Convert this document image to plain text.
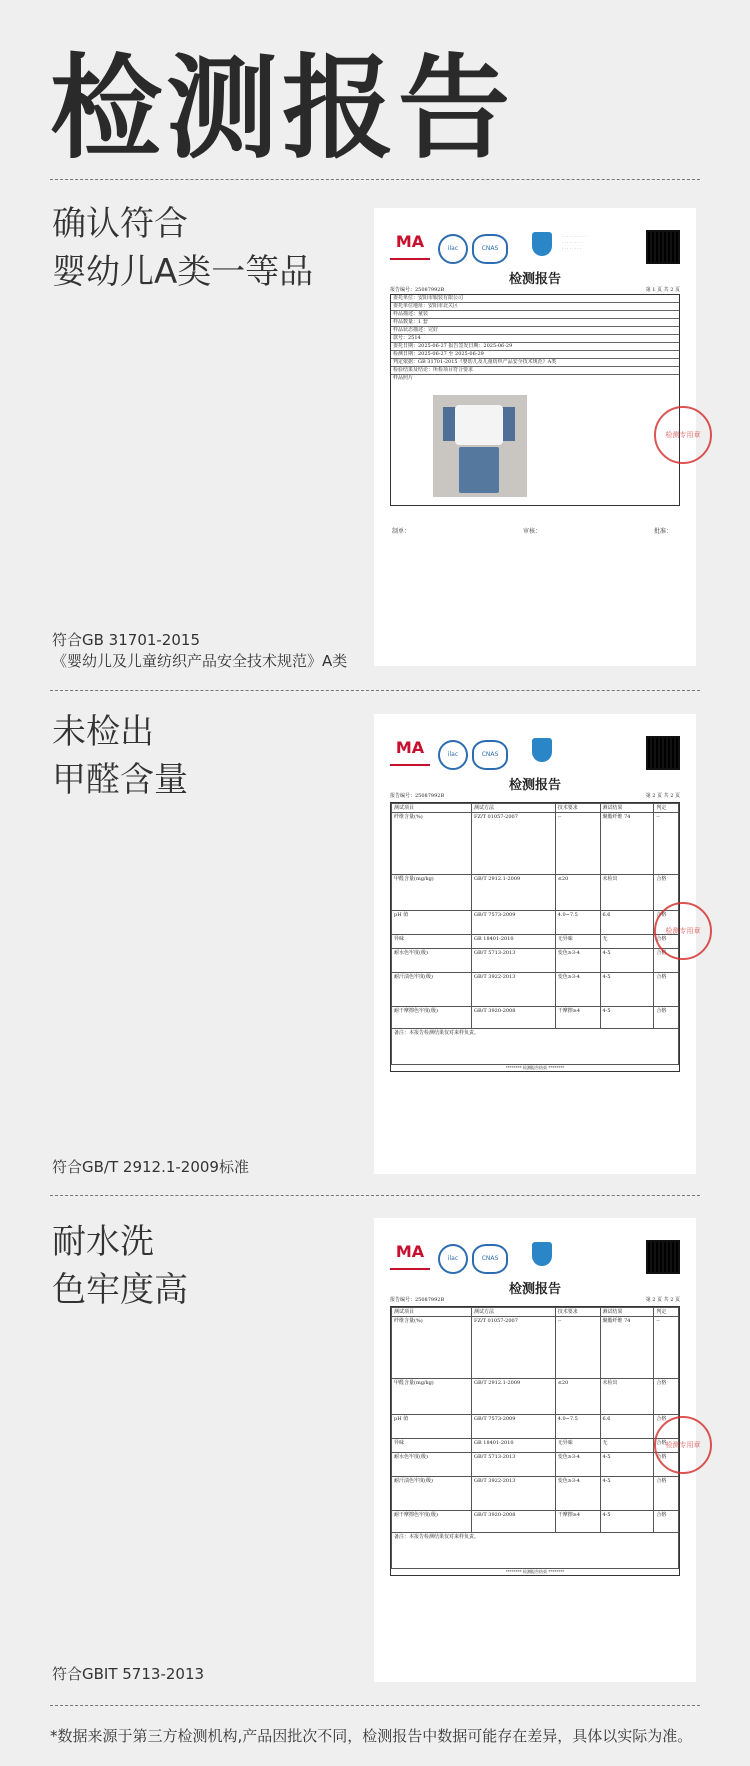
检测报告
确认符合
婴幼儿A类一等品
符合GB 31701-2015
《婴幼儿及儿童纺织产品安全技术规范》A类
MA	ilac	CNAS
· · · · · · · · · ·
· · · · · · · · ·
· · · · · · · ·
检测报告
报告编号：25087992B	第 1 页 共 2 页
委托单位：安阳市服装有限公司
委托单位地址：安阳市北关区
样品描述：童装
样品数量：1 套
样品状态描述：完好
款号：2514
委托日期：2025-06-27 报告签发日期：2025-06-29
检测日期：2025-06-27 至 2025-06-29
判定依据：GB 31701-2015《婴幼儿及儿童纺织产品安全技术规范》A类
检验结果及结论：所检项目符合要求
样品照片
制单：	审核：	批准：
检测专用章
未检出
甲醛含量
符合GB/T 2912.1-2009标准
MA	ilac	CNAS
检测报告
报告编号：25087992B	第 2 页 共 2 页
测试项目	测试方法	技术要求	测试结果	判定
纤维含量(%)	FZ/T 01057-2007	--	聚酯纤维 74	--
甲醛含量(mg/kg)	GB/T 2912.1-2009	≤20	未检出	合格
pH 值	GB/T 7573-2009	4.0~7.5	6.6	合格
异味	GB 18401-2010	无异味	无	合格
耐水色牢度(级)	GB/T 5713-2013	变色≥3-4	4-5	合格
耐汗渍色牢度(级)	GB/T 3922-2013	变色≥3-4	4-5	合格
耐干摩擦色牢度(级)	GB/T 3920-2008	干摩擦≥4	4-5	合格
备注：本报告检测结果仅对来样负责。				
******** 检测报告结束 ********
检测专用章
耐水洗
色牢度高
符合GBIT 5713-2013
MA	ilac	CNAS
检测报告
报告编号：25087992B	第 2 页 共 2 页
测试项目	测试方法	技术要求	测试结果	判定
纤维含量(%)	FZ/T 01057-2007	--	聚酯纤维 74	--
甲醛含量(mg/kg)	GB/T 2912.1-2009	≤20	未检出	合格
pH 值	GB/T 7573-2009	4.0~7.5	6.6	合格
异味	GB 18401-2010	无异味	无	合格
耐水色牢度(级)	GB/T 5713-2013	变色≥3-4	4-5	合格
耐汗渍色牢度(级)	GB/T 3922-2013	变色≥3-4	4-5	合格
耐干摩擦色牢度(级)	GB/T 3920-2008	干摩擦≥4	4-5	合格
备注：本报告检测结果仅对来样负责。				
******** 检测报告结束 ********
检测专用章
*数据来源于第三方检测机构,产品因批次不同，检测报告中数据可能存在差异，具体以实际为准。
